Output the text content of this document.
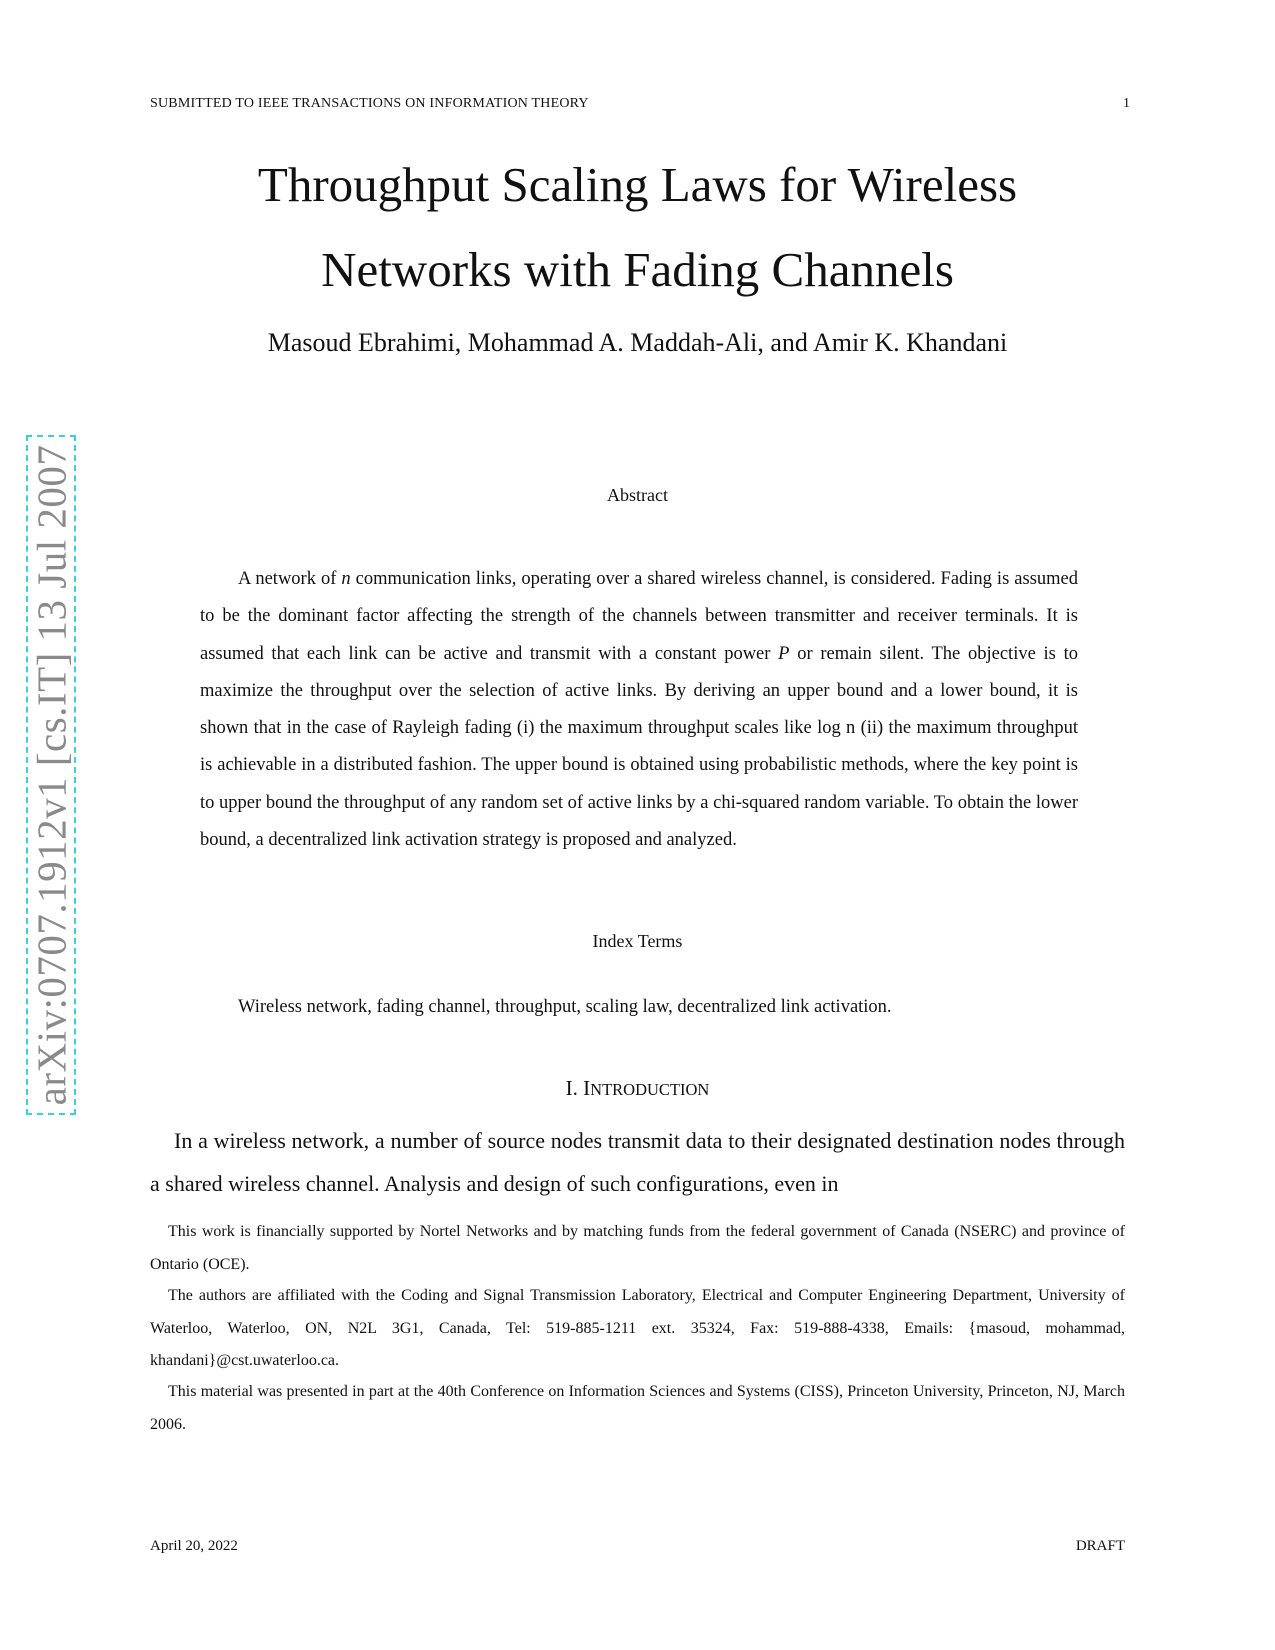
SUBMITTED TO IEEE TRANSACTIONS ON INFORMATION THEORY	1
Throughput Scaling Laws for Wireless
Networks with Fading Channels
Masoud Ebrahimi, Mohammad A. Maddah-Ali, and Amir K. Khandani
arXiv:0707.1912v1 [cs.IT] 13 Jul 2007	Abstract

A network of n communication links, operating over a shared wireless channel, is considered. Fading is assumed to be the dominant factor affecting the strength of the channels between transmitter and receiver terminals. It is assumed that each link can be active and transmit with a constant power P or remain silent. The objective is to maximize the throughput over the selection of active links. By deriving an upper bound and a lower bound, it is shown that in the case of Rayleigh fading (i) the maximum throughput scales like log n (ii) the maximum throughput is achievable in a distributed fashion. The upper bound is obtained using probabilistic methods, where the key point is to upper bound the throughput of any random set of active links by a chi-squared random variable. To obtain the lower bound, a decentralized link activation strategy is proposed and analyzed.

Index Terms
Wireless network, fading channel, throughput, scaling law, decentralized link activation.
I. INTRODUCTION

In a wireless network, a number of source nodes transmit data to their designated destination nodes through a shared wireless channel. Analysis and design of such configurations, even in

This work is financially supported by Nortel Networks and by matching funds from the federal government of Canada (NSERC) and province of Ontario (OCE).

The authors are affiliated with the Coding and Signal Transmission Laboratory, Electrical and Computer Engineering Department, University of Waterloo, Waterloo, ON, N2L 3G1, Canada, Tel: 519-885-1211 ext. 35324, Fax: 519-888-4338, Emails: {masoud, mohammad, khandani}@cst.uwaterloo.ca.

This material was presented in part at the 40th Conference on Information Sciences and Systems (CISS), Princeton University, Princeton, NJ, March 2006.

April 20, 2022	DRAFT
